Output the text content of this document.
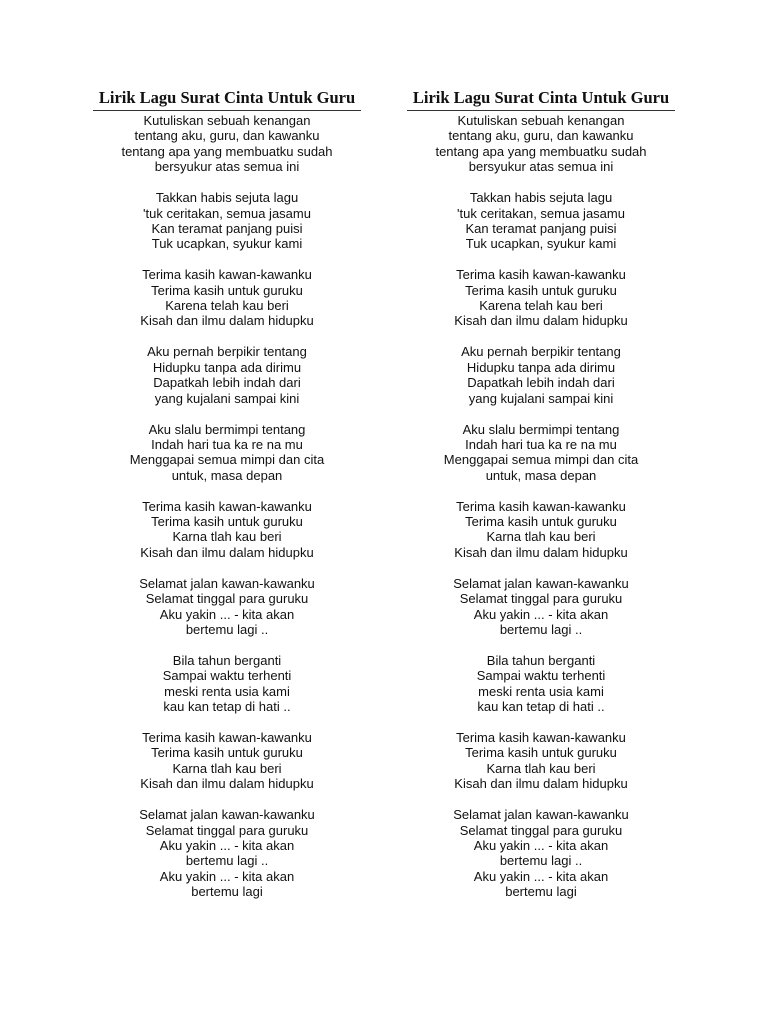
Lirik Lagu Surat Cinta Untuk Guru
Kutuliskan sebuah kenangan
tentang aku, guru, dan kawanku
tentang apa yang membuatku sudah
bersyukur atas semua ini
Takkan habis sejuta lagu
'tuk ceritakan, semua jasamu
Kan teramat panjang puisi
Tuk ucapkan, syukur kami
Terima kasih kawan-kawanku
Terima kasih untuk guruku
Karena telah kau beri
Kisah dan ilmu dalam hidupku
Aku pernah berpikir tentang
Hidupku tanpa ada dirimu
Dapatkah lebih indah dari
yang kujalani sampai kini
Aku slalu bermimpi tentang
Indah hari tua ka re na mu
Menggapai semua mimpi dan cita
untuk, masa depan
Terima kasih kawan-kawanku
Terima kasih untuk guruku
Karna tlah kau beri
Kisah dan ilmu dalam hidupku
Selamat jalan kawan-kawanku
Selamat tinggal para guruku
Aku yakin ... - kita akan
bertemu lagi ..
Bila tahun berganti
Sampai waktu terhenti
meski renta usia kami
kau kan tetap di hati ..
Terima kasih kawan-kawanku
Terima kasih untuk guruku
Karna tlah kau beri
Kisah dan ilmu dalam hidupku
Selamat jalan kawan-kawanku
Selamat tinggal para guruku
Aku yakin ... - kita akan
bertemu lagi ..
Aku yakin ... - kita akan
bertemu lagi
Lirik Lagu Surat Cinta Untuk Guru
Kutuliskan sebuah kenangan
tentang aku, guru, dan kawanku
tentang apa yang membuatku sudah
bersyukur atas semua ini
Takkan habis sejuta lagu
'tuk ceritakan, semua jasamu
Kan teramat panjang puisi
Tuk ucapkan, syukur kami
Terima kasih kawan-kawanku
Terima kasih untuk guruku
Karena telah kau beri
Kisah dan ilmu dalam hidupku
Aku pernah berpikir tentang
Hidupku tanpa ada dirimu
Dapatkah lebih indah dari
yang kujalani sampai kini
Aku slalu bermimpi tentang
Indah hari tua ka re na mu
Menggapai semua mimpi dan cita
untuk, masa depan
Terima kasih kawan-kawanku
Terima kasih untuk guruku
Karna tlah kau beri
Kisah dan ilmu dalam hidupku
Selamat jalan kawan-kawanku
Selamat tinggal para guruku
Aku yakin ... - kita akan
bertemu lagi ..
Bila tahun berganti
Sampai waktu terhenti
meski renta usia kami
kau kan tetap di hati ..
Terima kasih kawan-kawanku
Terima kasih untuk guruku
Karna tlah kau beri
Kisah dan ilmu dalam hidupku
Selamat jalan kawan-kawanku
Selamat tinggal para guruku
Aku yakin ... - kita akan
bertemu lagi ..
Aku yakin ... - kita akan
bertemu lagi
